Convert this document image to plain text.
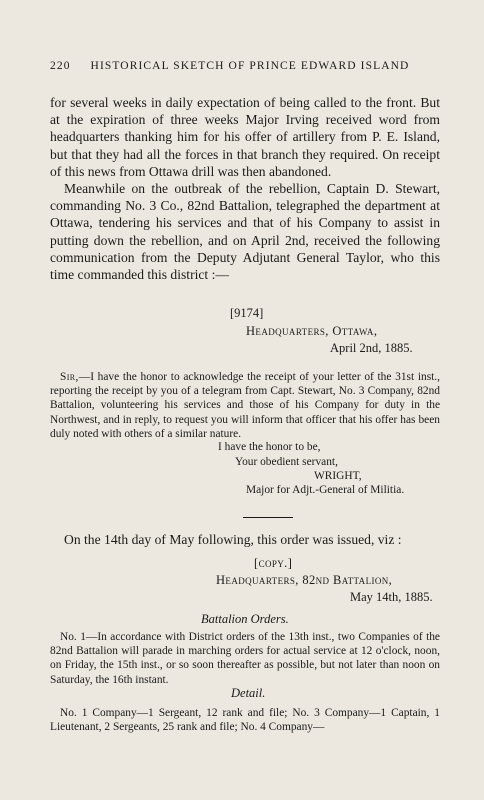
220 HISTORICAL SKETCH OF PRINCE EDWARD ISLAND

for several weeks in daily expectation of being called to the front. But at the expiration of three weeks Major Irving received word from headquarters thanking him for his offer of artillery from P. E. Island, but that they had all the forces in that branch they required. On receipt of this news from Ottawa drill was then abandoned.

Meanwhile on the outbreak of the rebellion, Captain D. Stewart, commanding No. 3 Co., 82nd Battalion, telegraphed the department at Ottawa, tendering his services and that of his Company to assist in putting down the rebellion, and on April 2nd, received the following communication from the Deputy Adjutant General Taylor, who this time commanded this district :—

[9174]
Headquarters, Ottawa,
April 2nd, 1885.

Sir,—I have the honor to acknowledge the receipt of your letter of the 31st inst., reporting the receipt by you of a telegram from Capt. Stewart, No. 3 Company, 82nd Battalion, volunteering his services and those of his Company for duty in the Northwest, and in reply, to request you will inform that officer that his offer has been duly noted with others of a similar nature.

I have the honor to be,
Your obedient servant,
WRIGHT,
Major for Adjt.-General of Militia.

On the 14th day of May following, this order was issued, viz :

[copy.]
Headquarters, 82nd Battalion,
May 14th, 1885.
Battalion Orders.

No. 1—In accordance with District orders of the 13th inst., two Companies of the 82nd Battalion will parade in marching orders for actual service at 12 o'clock, noon, on Friday, the 15th inst., or so soon thereafter as possible, but not later than noon on Saturday, the 16th instant.

Detail.

No. 1 Company—1 Sergeant, 12 rank and file; No. 3 Company—1 Captain, 1 Lieutenant, 2 Sergeants, 25 rank and file; No. 4 Company—
